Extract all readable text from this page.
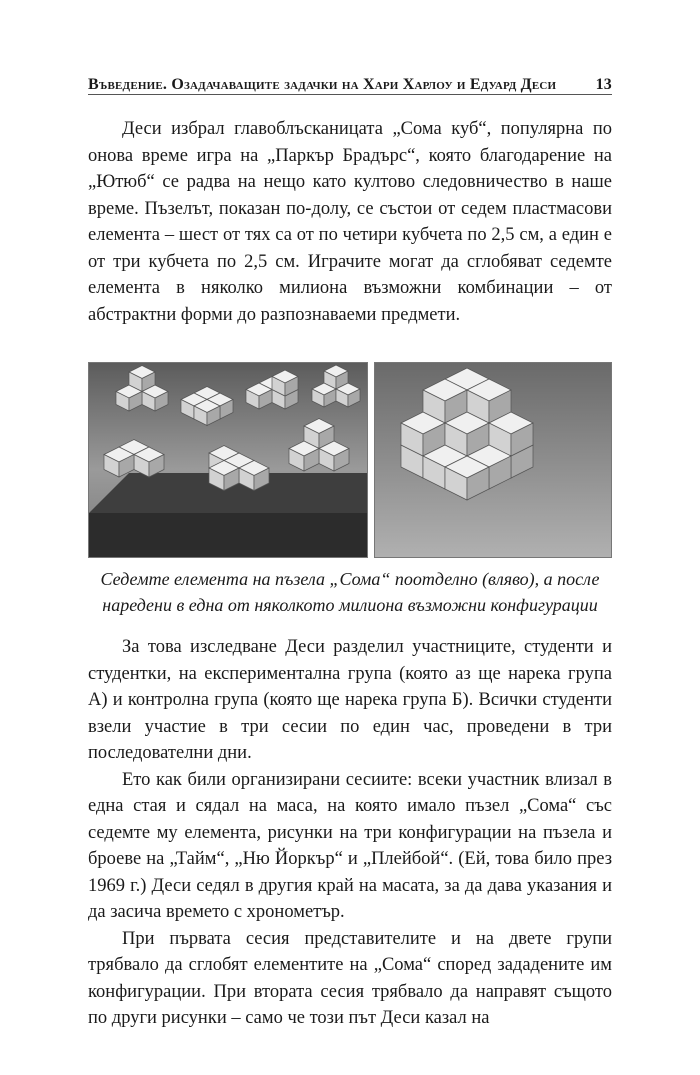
Въведение. Озадачаващите задачки на Хари Харлоу и Едуард Деси 13

Деси избрал главоблъсканицата „Сома куб“, популярна по онова време игра на „Паркър Брадърс“, която благодарение на „Ютюб“ се радва на нещо като култово следовничество в наше време. Пъзелът, показан по-долу, се състои от седем пластмасови елемента – шест от тях са от по четири кубчета по 2,5 см, а един е от три кубчета по 2,5 см. Играчите могат да сглобяват седемте елемента в няколко милиона възможни комбинации – от абстрактни форми до разпознаваеми предмети.

Седемте елемента на пъзела „Сома“ поотделно (вляво), а после
наредени в една от няколкото милиона възможни конфигурации

За това изследване Деси разделил участниците, студенти и студентки, на експериментална група (която аз ще нарека група А) и контролна група (която ще нарека група Б). Всички студенти взели участие в три сесии по един час, проведени в три последователни дни.

Ето как били организирани сесиите: всеки участник влизал в една стая и сядал на маса, на която имало пъзел „Сома“ със седемте му елемента, рисунки на три конфигурации на пъзела и броеве на „Тайм“, „Ню Йоркър“ и „Плейбой“. (Ей, това било през 1969 г.) Деси седял в другия край на масата, за да дава указания и да засича времето с хронометър.

При първата сесия представителите и на двете групи трябвало да сглобят елементите на „Сома“ според зададените им конфигурации. При втората сесия трябвало да направят същото по други рисунки – само че този път Деси казал на
